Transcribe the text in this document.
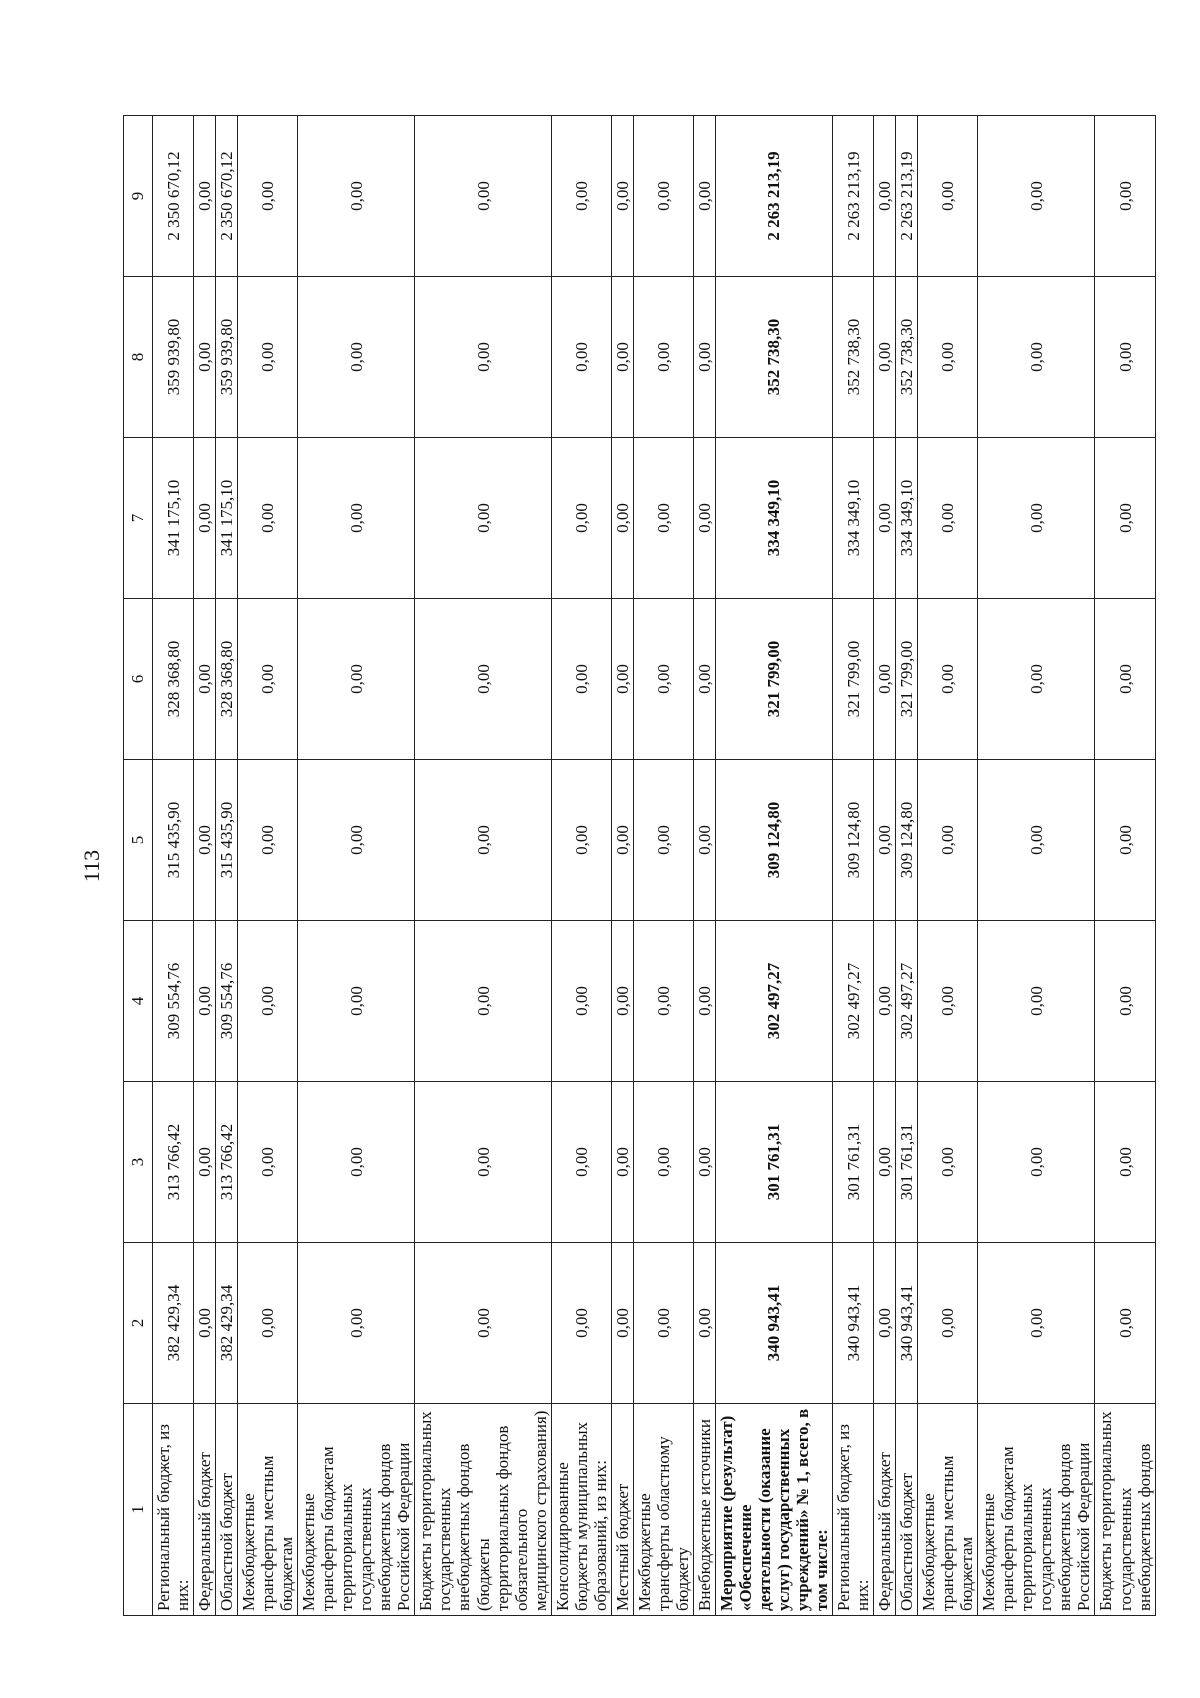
113
1	2	3	4	5	6	7	8	9
Региональный бюджет, из них:	382 429,34	313 766,42	309 554,76	315 435,90	328 368,80	341 175,10	359 939,80	2 350 670,12
Федеральный бюджет	0,00	0,00	0,00	0,00	0,00	0,00	0,00	0,00
Областной бюджет	382 429,34	313 766,42	309 554,76	315 435,90	328 368,80	341 175,10	359 939,80	2 350 670,12
Межбюджетные трансферты местным бюджетам	0,00	0,00	0,00	0,00	0,00	0,00	0,00	0,00
Межбюджетные трансферты бюджетам территориальных государственных внебюджетных фондов Российской Федерации	0,00	0,00	0,00	0,00	0,00	0,00	0,00	0,00
Бюджеты территориальных государственных внебюджетных фондов (бюджеты территориальных фондов обязательного медицинского страхования)	0,00	0,00	0,00	0,00	0,00	0,00	0,00	0,00
Консолидированные бюджеты муниципальных образований, из них:	0,00	0,00	0,00	0,00	0,00	0,00	0,00	0,00
Местный бюджет	0,00	0,00	0,00	0,00	0,00	0,00	0,00	0,00
Межбюджетные трансферты областному бюджету	0,00	0,00	0,00	0,00	0,00	0,00	0,00	0,00
Внебюджетные источники	0,00	0,00	0,00	0,00	0,00	0,00	0,00	0,00
Мероприятие (результат) «Обеспечение деятельности (оказание услуг) государственных учреждений» № 1, всего, в том числе:	340 943,41	301 761,31	302 497,27	309 124,80	321 799,00	334 349,10	352 738,30	2 263 213,19
Региональный бюджет, из них:	340 943,41	301 761,31	302 497,27	309 124,80	321 799,00	334 349,10	352 738,30	2 263 213,19
Федеральный бюджет	0,00	0,00	0,00	0,00	0,00	0,00	0,00	0,00
Областной бюджет	340 943,41	301 761,31	302 497,27	309 124,80	321 799,00	334 349,10	352 738,30	2 263 213,19
Межбюджетные трансферты местным бюджетам	0,00	0,00	0,00	0,00	0,00	0,00	0,00	0,00
Межбюджетные трансферты бюджетам территориальных государственных внебюджетных фондов Российской Федерации	0,00	0,00	0,00	0,00	0,00	0,00	0,00	0,00
Бюджеты территориальных государственных внебюджетных фондов	0,00	0,00	0,00	0,00	0,00	0,00	0,00	0,00
